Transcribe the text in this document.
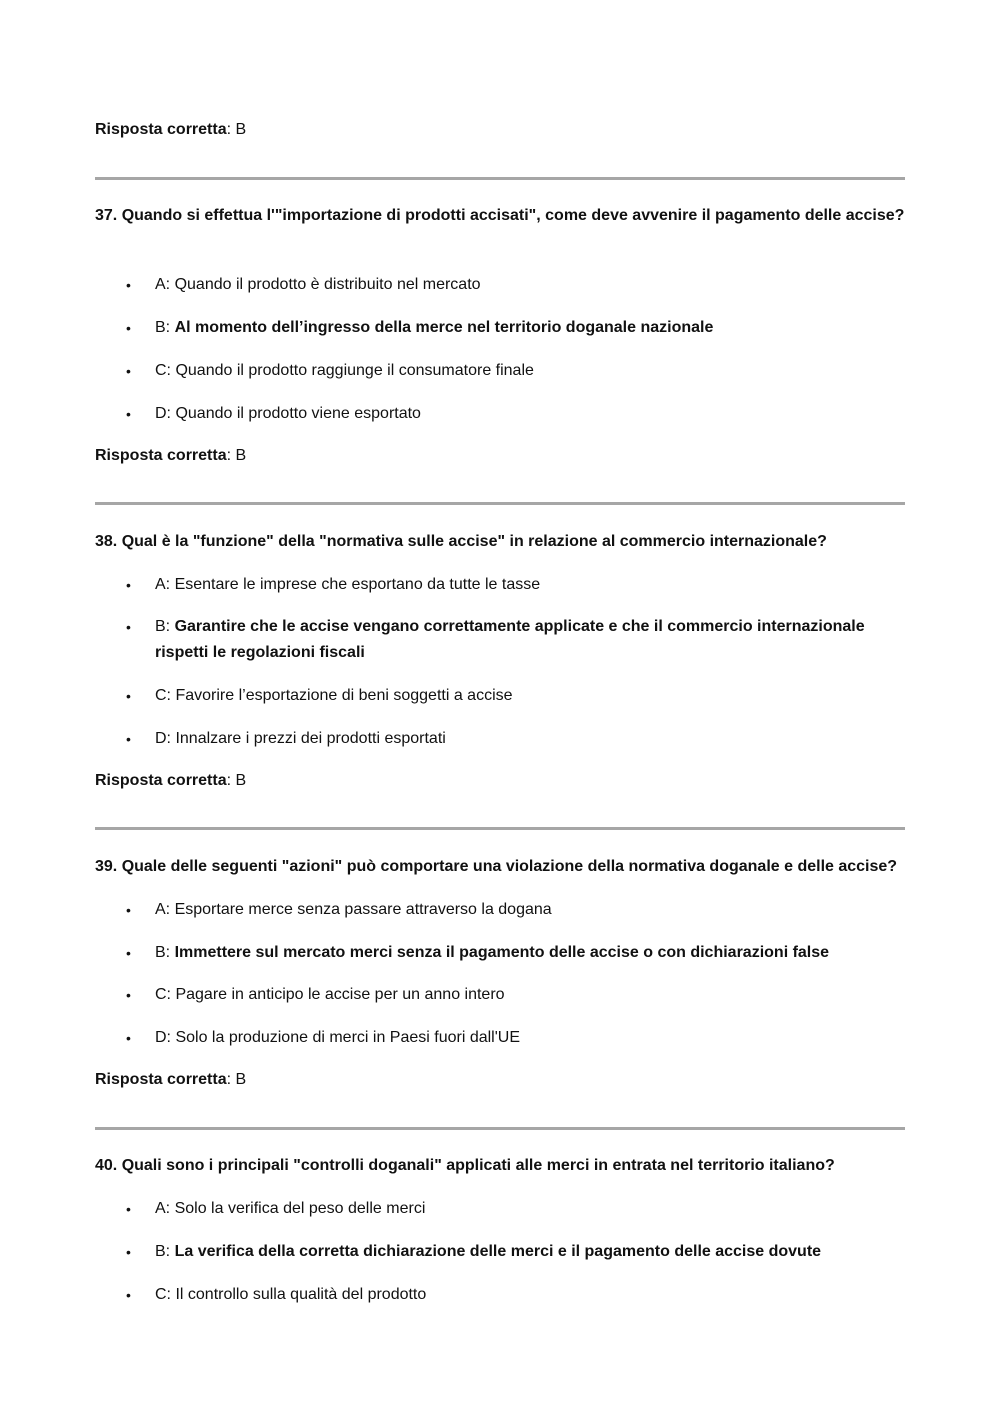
Risposta corretta: B
37. Quando si effettua l'"importazione di prodotti accisati", come deve avvenire il pagamento delle accise?
• A: Quando il prodotto è distribuito nel mercato
• B: Al momento dell’ingresso della merce nel territorio doganale nazionale
• C: Quando il prodotto raggiunge il consumatore finale
• D: Quando il prodotto viene esportato
Risposta corretta: B
38. Qual è la "funzione" della "normativa sulle accise" in relazione al commercio internazionale?
• A: Esentare le imprese che esportano da tutte le tasse
• B: Garantire che le accise vengano correttamente applicate e che il commercio internazionale rispetti le regolazioni fiscali
• C: Favorire l’esportazione di beni soggetti a accise
• D: Innalzare i prezzi dei prodotti esportati
Risposta corretta: B
39. Quale delle seguenti "azioni" può comportare una violazione della normativa doganale e delle accise?
• A: Esportare merce senza passare attraverso la dogana
• B: Immettere sul mercato merci senza il pagamento delle accise o con dichiarazioni false
• C: Pagare in anticipo le accise per un anno intero
• D: Solo la produzione di merci in Paesi fuori dall'UE
Risposta corretta: B
40. Quali sono i principali "controlli doganali" applicati alle merci in entrata nel territorio italiano?
• A: Solo la verifica del peso delle merci
• B: La verifica della corretta dichiarazione delle merci e il pagamento delle accise dovute
• C: Il controllo sulla qualità del prodotto
